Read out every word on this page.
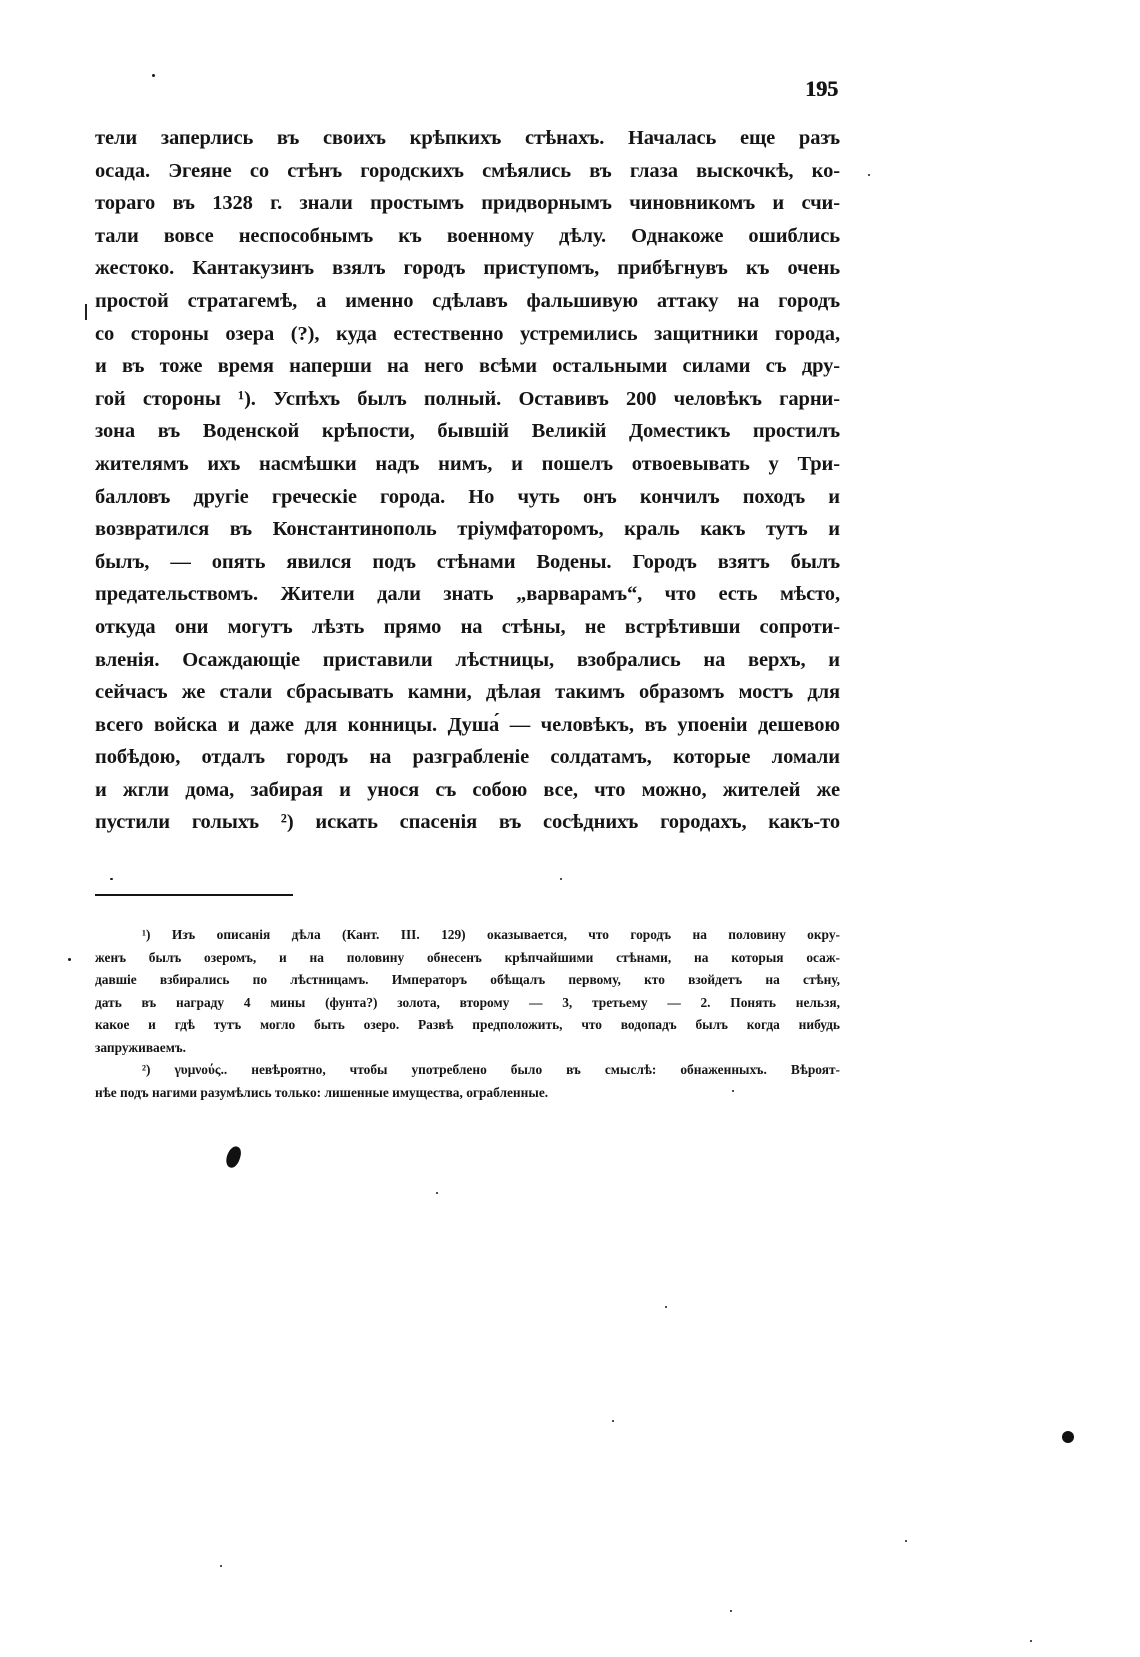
195
тели заперлись въ своихъ крѣпкихъ стѣнахъ. Началась еще разъ
осада. Эгеяне со стѣнъ городскихъ смѣялись въ глаза выскочкѣ, ко-
тораго въ 1328 г. знали простымъ придворнымъ чиновникомъ и счи-
тали вовсе неспособнымъ къ военному дѣлу. Однакоже ошиблись
жестоко. Кантакузинъ взялъ городъ приступомъ, прибѣгнувъ къ очень
простой стратагемѣ, а именно сдѣлавъ фальшивую аттаку на городъ
со стороны озера (?), куда естественно устремились защитники города,
и въ тоже время наперши на него всѣми остальными силами съ дру-
гой стороны ¹). Успѣхъ былъ полный. Оставивъ 200 человѣкъ гарни-
зона въ Воденской крѣпости, бывшій Великій Доместикъ простилъ
жителямъ ихъ насмѣшки надъ нимъ, и пошелъ отвоевывать у Три-
балловъ другіе греческіе города. Но чуть онъ кончилъ походъ и
возвратился въ Константинополь тріумфаторомъ, краль какъ тутъ и
былъ, — опять явился подъ стѣнами Водены. Городъ взятъ былъ
предательствомъ. Жители дали знать „варварамъ“, что есть мѣсто,
откуда они могутъ лѣзть прямо на стѣны, не встрѣтивши сопроти-
вленія. Осаждающіе приставили лѣстницы, взобрались на верхъ, и
сейчасъ же стали сбрасывать камни, дѣлая такимъ образомъ мостъ для
всего войска и даже для конницы. Душа́ — человѣкъ, въ упоеніи дешевою
побѣдою, отдалъ городъ на разграбленіе солдатамъ, которые ломали
и жгли дома, забирая и унося съ собою все, что можно, жителей же
пустили голыхъ ²) искать спасенія въ сосѣднихъ городахъ, какъ-то
¹) Изъ описанія дѣла (Кант. III. 129) оказывается, что городъ на половину окру-
женъ былъ озеромъ, и на половину обнесенъ крѣпчайшими стѣнами, на которыя осаж-
давшіе взбирались по лѣстницамъ. Императоръ обѣщалъ первому, кто взойдетъ на стѣну,
дать въ награду 4 мины (фунта?) золота, второму — 3, третьему — 2. Понять нельзя,
какое и гдѣ тутъ могло быть озеро. Развѣ предположить, что водопадъ былъ когда нибудь
запруживаемъ.
²) γυμνούς.. невѣроятно, чтобы употреблено было въ смыслѣ: обнаженныхъ. Вѣроят-
нѣе подъ нагими разумѣлись только: лишенные имущества, ограбленные.
